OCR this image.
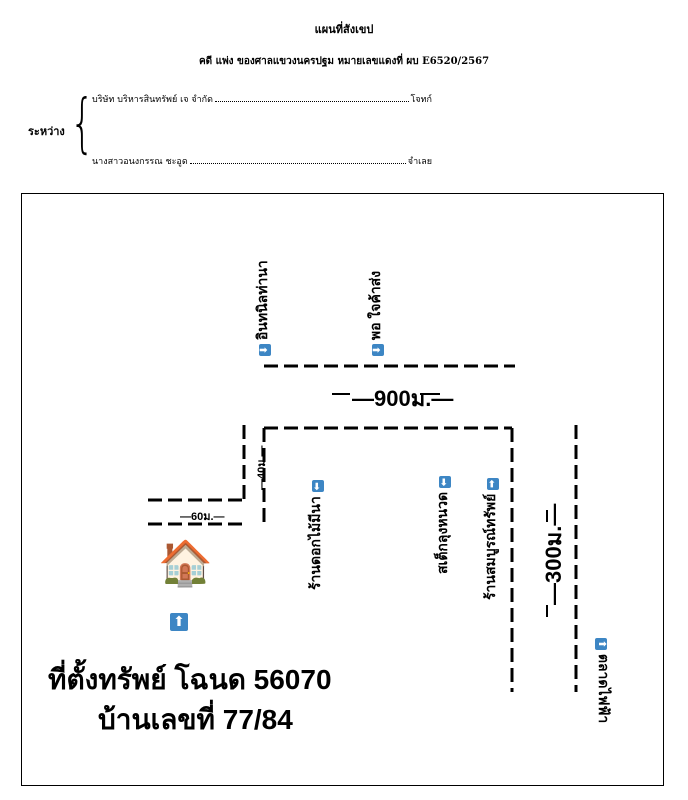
แผนที่สังเขป
คดี แพ่ง ของศาลแขวงนครปฐม หมายเลขแดงที่ ผบ E6520/2567
ระหว่าง {
บริษัท บริหารสินทรัพย์ เจ จำกัด	โจทก์
นางสาวอนงกรรณ ชะอูด	จำเลย
⬇ อินทนิลท่านา
⬇ พอ ใจค้าส่ง
—900ม.—
—40ม.—
—60ม.—	—300ม.—
ร้านดอกไม้มีนา ⬅
สเต็กลุงหนวด ⬅
ร้านสมบูรณ์ทรัพย์ ➡
⬆ ตลาดไฟฟ้า
🏠
⬆
ที่ตั้งทรัพย์ โฉนด 56070
บ้านเลขที่ 77/84
